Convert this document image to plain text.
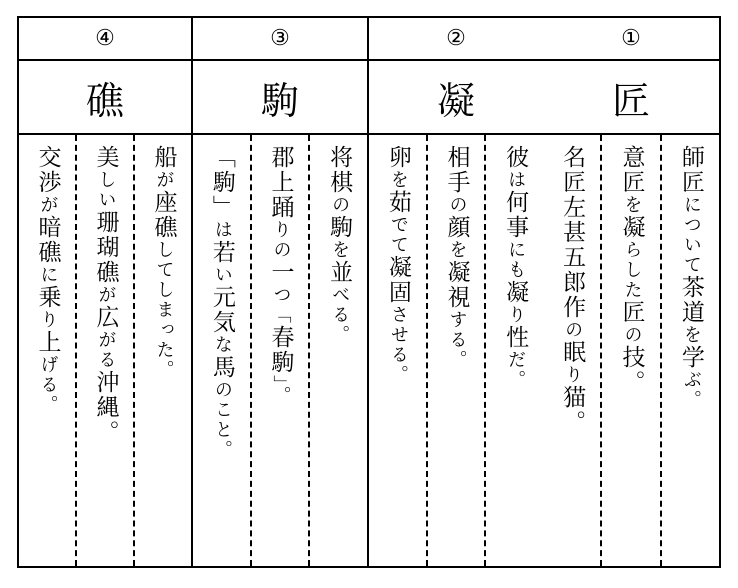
①
匠
師匠について茶道を学ぶ。
意匠を凝らした匠の技。
名匠左甚五郎作の眠り猫。
②
凝
彼は何事にも凝り性だ。
相手の顔を凝視する。
卵を茹でて凝固させる。
③
駒
将棋の駒を並べる。
郡上踊りの一つ「春駒」。
「駒」は若い元気な馬のこと。
④
礁
船が座礁してしまった。
美しい珊瑚礁が広がる沖縄。
交渉が暗礁に乗り上げる。
